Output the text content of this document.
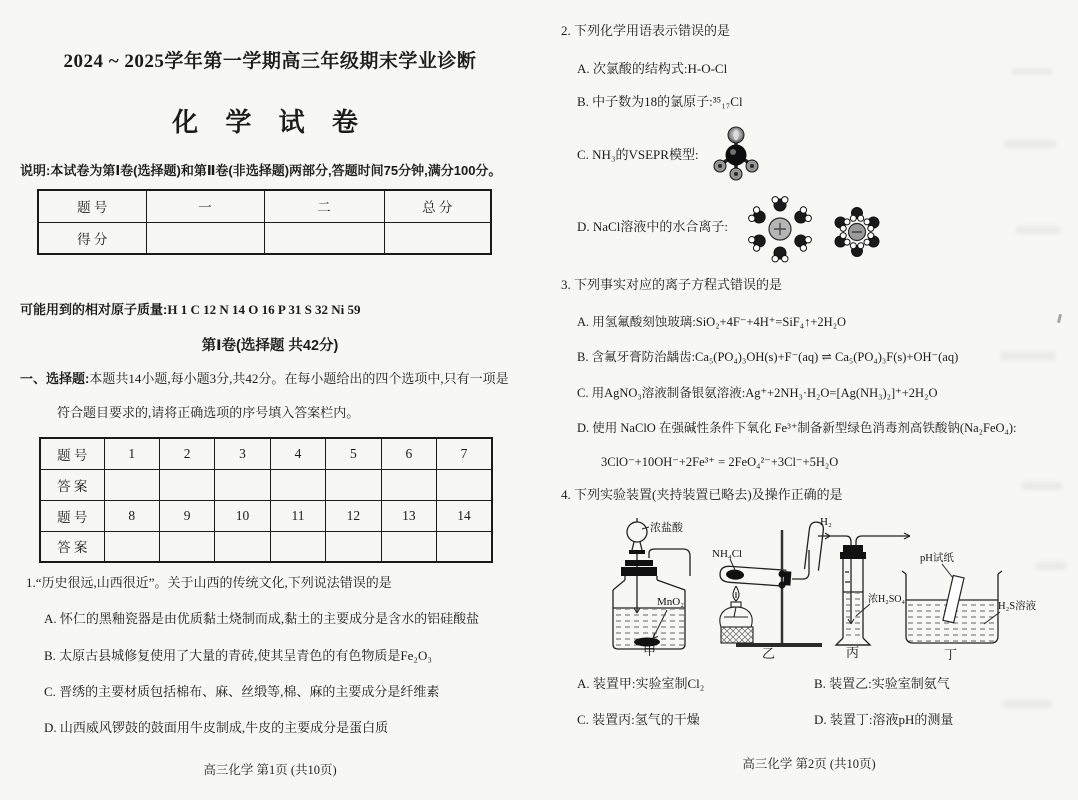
2024 ~ 2025学年第一学期高三年级期末学业诊断
化 学 试 卷
说明:本试卷为第Ⅰ卷(选择题)和第Ⅱ卷(非选择题)两部分,答题时间75分钟,满分100分。
题 号	一	二	总 分
得 分			
可能用到的相对原子质量:H 1 C 12 N 14 O 16 P 31 S 32 Ni 59
第Ⅰ卷(选择题 共42分)
一、选择题:本题共14小题,每小题3分,共42分。在每小题给出的四个选项中,只有一项是
符合题目要求的,请将正确选项的序号填入答案栏内。
题 号	1	2	3	4	5	6	7
答 案							
题 号	8	9	10	11	12	13	14
答 案							
1.“历史很远,山西很近”。关于山西的传统文化,下列说法错误的是
A. 怀仁的黑釉瓷器是由优质黏土烧制而成,黏土的主要成分是含水的铝硅酸盐
B. 太原古县城修复使用了大量的青砖,使其呈青色的有色物质是Fe₂O₃
C. 晋绣的主要材质包括棉布、麻、丝缎等,棉、麻的主要成分是纤维素
D. 山西威风锣鼓的鼓面用牛皮制成,牛皮的主要成分是蛋白质
高三化学 第1页 (共10页)
2. 下列化学用语表示错误的是
A. 次氯酸的结构式:H-O-Cl
B. 中子数为18的氯原子:³⁵₁₇Cl
C. NH₃的VSEPR模型:
D. NaCl溶液中的水合离子:
3. 下列事实对应的离子方程式错误的是
A. 用氢氟酸刻蚀玻璃:SiO₂+4F⁻+4H⁺=SiF₄↑+2H₂O
B. 含氟牙膏防治龋齿:Ca₅(PO₄)₃OH(s)+F⁻(aq) ⇌ Ca₅(PO₄)₃F(s)+OH⁻(aq)
C. 用AgNO₃溶液制备银氨溶液:Ag⁺+2NH₃·H₂O=[Ag(NH₃)₂]⁺+2H₂O
D. 使用 NaClO 在强碱性条件下氧化 Fe³⁺制备新型绿色消毒剂高铁酸钠(Na₂FeO₄):
3ClO⁻+10OH⁻+2Fe³⁺ = 2FeO₄²⁻+3Cl⁻+5H₂O
4. 下列实验装置(夹持装置已略去)及操作正确的是
浓盐酸
MnO₂
甲
NH₄Cl
乙
H₂
浓H₂SO₄
丙
pH试纸
H₂S溶液
丁
A. 装置甲:实验室制Cl₂	B. 装置乙:实验室制氨气
C. 装置丙:氢气的干燥	D. 装置丁:溶液pH的测量
高三化学 第2页 (共10页)
